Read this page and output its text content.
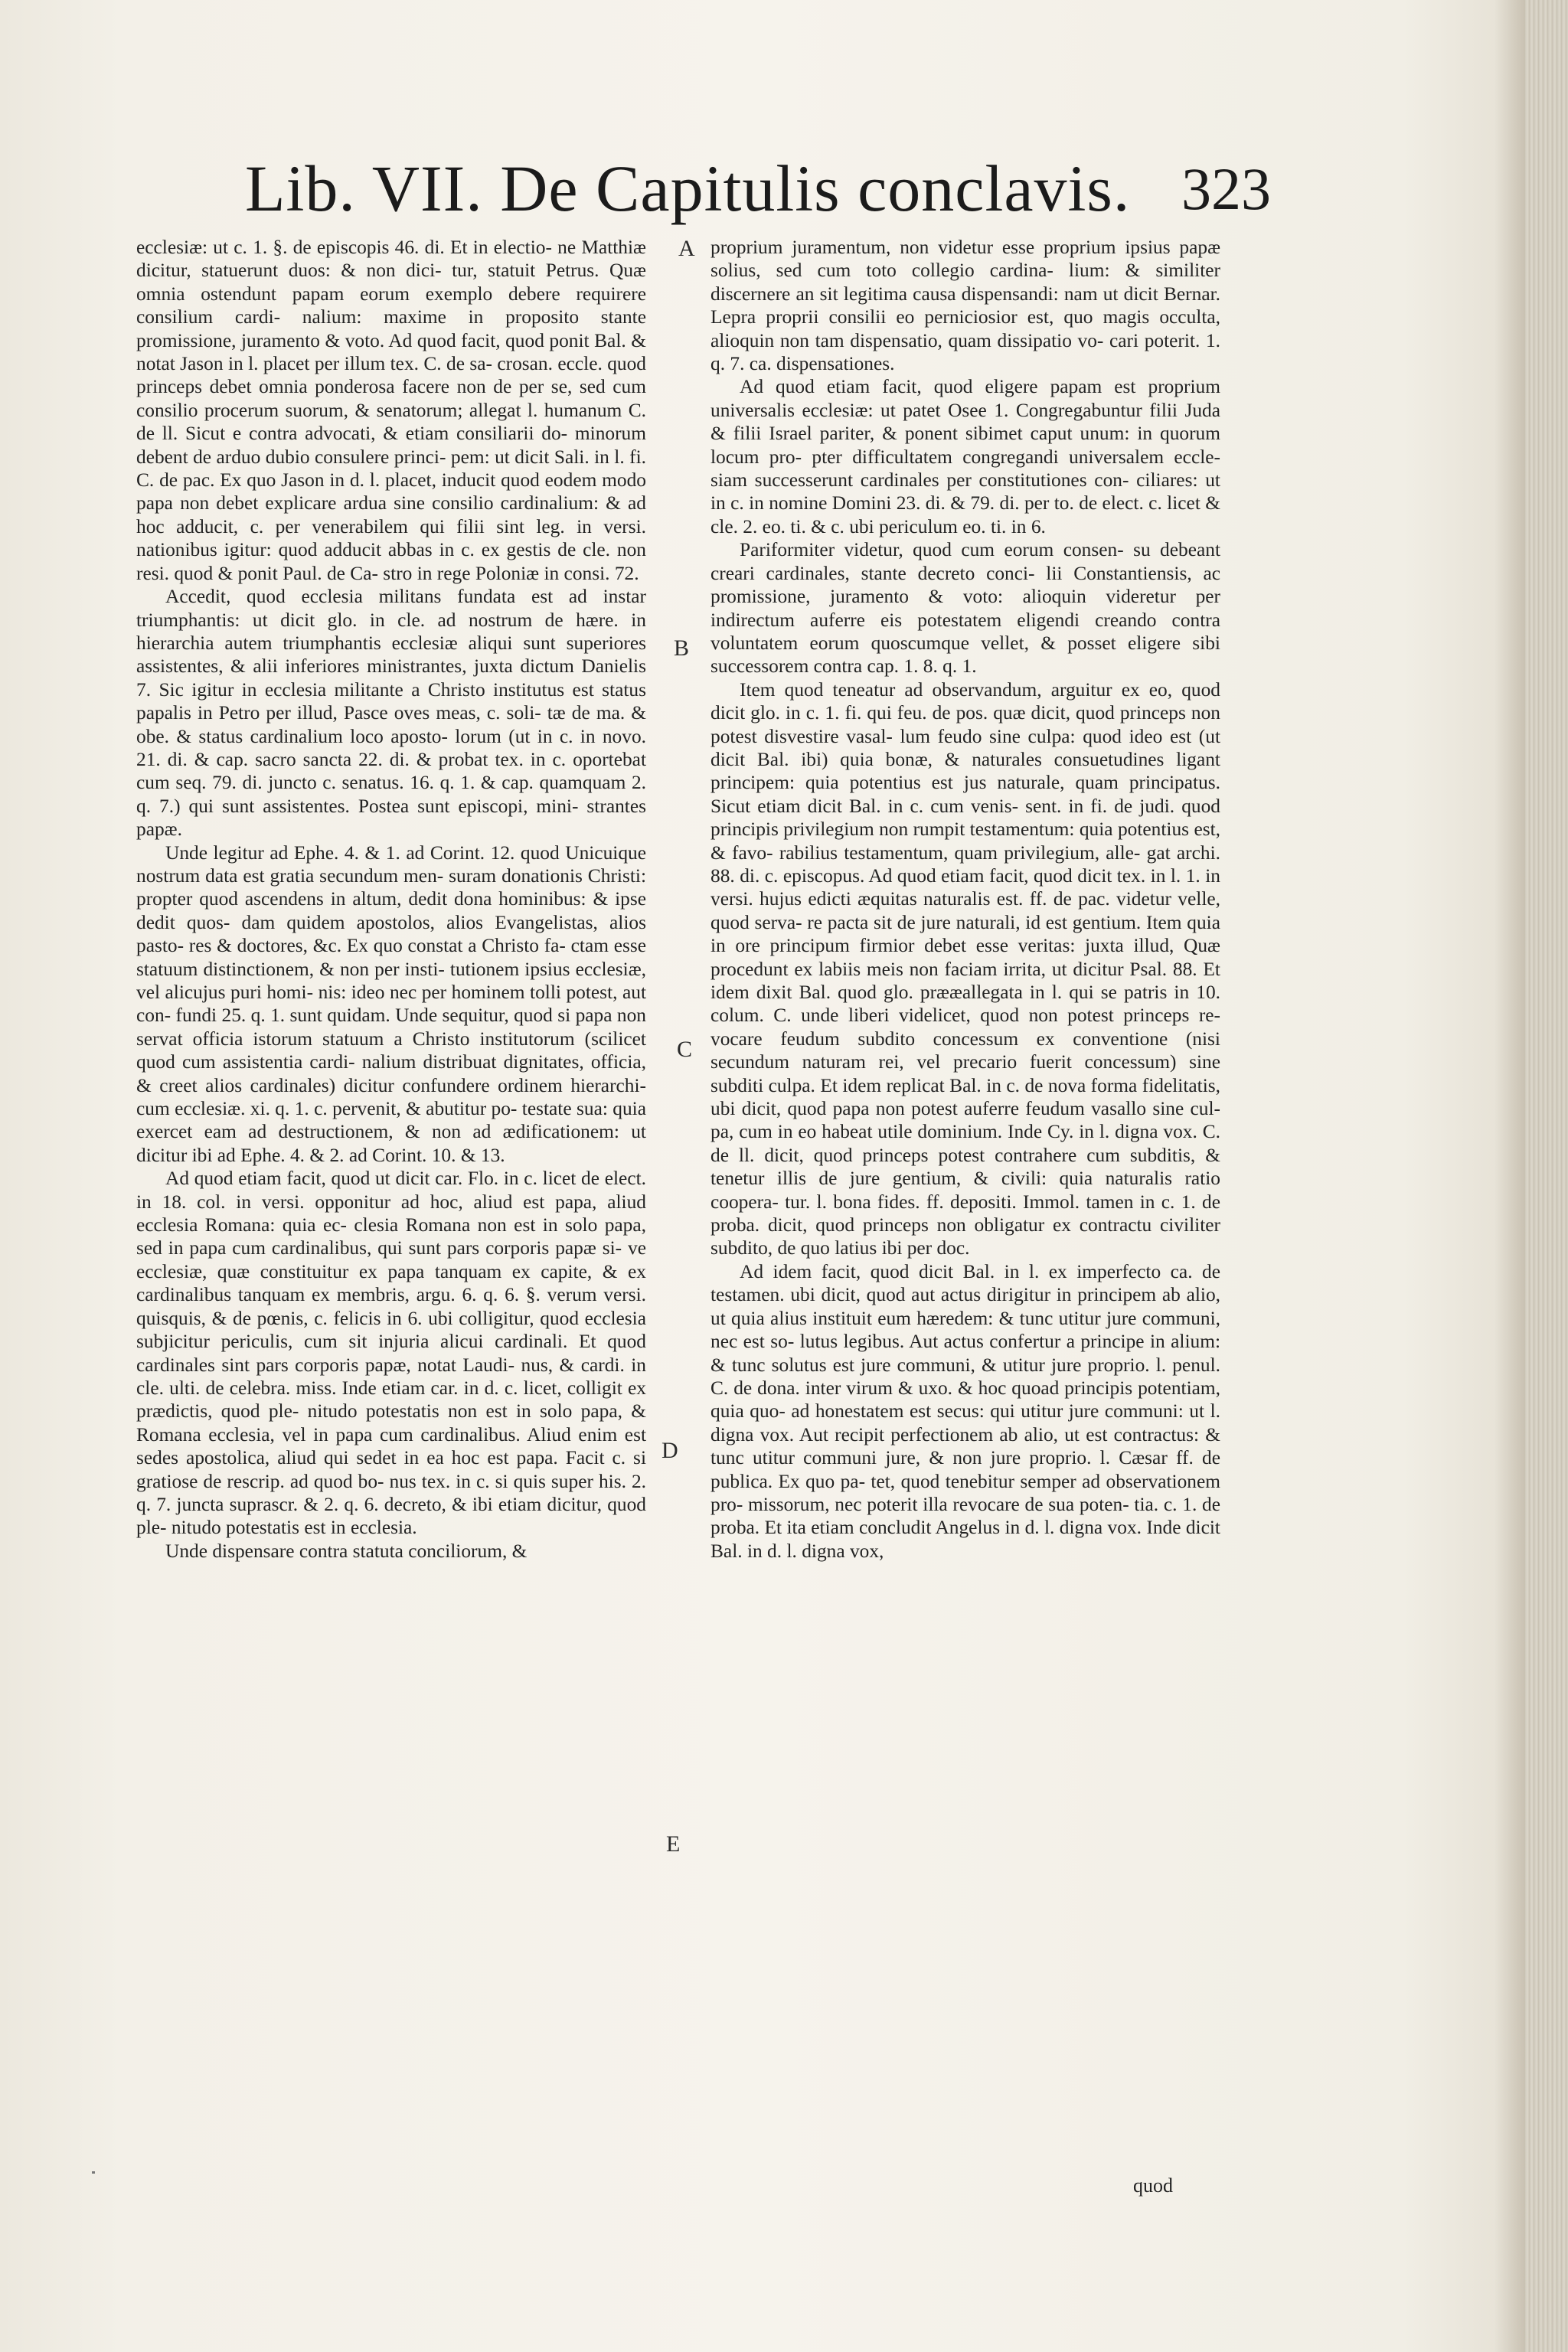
Lib. VII. De Capitulis conclavis. 323

ecclesiæ: ut c. 1. §. de episcopis 46. di. Et in electio- ne Matthiæ dicitur, statuerunt duos: & non dici- tur, statuit Petrus. Quæ omnia ostendunt papam eorum exemplo debere requirere consilium cardi- nalium: maxime in proposito stante promissione, juramento & voto. Ad quod facit, quod ponit Bal. & notat Jason in l. placet per illum tex. C. de sa- crosan. eccle. quod princeps debet omnia ponderosa facere non de per se, sed cum consilio procerum suorum, & senatorum; allegat l. humanum C. de ll. Sicut e contra advocati, & etiam consiliarii do- minorum debent de arduo dubio consulere princi- pem: ut dicit Sali. in l. fi. C. de pac. Ex quo Jason in d. l. placet, inducit quod eodem modo papa non debet explicare ardua sine consilio cardinalium: & ad hoc adducit, c. per venerabilem qui filii sint leg. in versi. nationibus igitur: quod adducit abbas in c. ex gestis de cle. non resi. quod & ponit Paul. de Ca- stro in rege Poloniæ in consi. 72.

Accedit, quod ecclesia militans fundata est ad instar triumphantis: ut dicit glo. in cle. ad nostrum de hære. in hierarchia autem triumphantis ecclesiæ aliqui sunt superiores assistentes, & alii inferiores ministrantes, juxta dictum Danielis 7. Sic igitur in ecclesia militante a Christo institutus est status papalis in Petro per illud, Pasce oves meas, c. soli- tæ de ma. & obe. & status cardinalium loco aposto- lorum (ut in c. in novo. 21. di. & cap. sacro sancta 22. di. & probat tex. in c. oportebat cum seq. 79. di. juncto c. senatus. 16. q. 1. & cap. quamquam 2. q. 7.) qui sunt assistentes. Postea sunt episcopi, mini- strantes papæ.

Unde legitur ad Ephe. 4. & 1. ad Corint. 12. quod Unicuique nostrum data est gratia secundum men- suram donationis Christi: propter quod ascendens in altum, dedit dona hominibus: & ipse dedit quos- dam quidem apostolos, alios Evangelistas, alios pasto- res & doctores, &c. Ex quo constat a Christo fa- ctam esse statuum distinctionem, & non per insti- tutionem ipsius ecclesiæ, vel alicujus puri homi- nis: ideo nec per hominem tolli potest, aut con- fundi 25. q. 1. sunt quidam. Unde sequitur, quod si papa non servat officia istorum statuum a Christo institutorum (scilicet quod cum assistentia cardi- nalium distribuat dignitates, officia, & creet alios cardinales) dicitur confundere ordinem hierarchi- cum ecclesiæ. xi. q. 1. c. pervenit, & abutitur po- testate sua: quia exercet eam ad destructionem, & non ad ædificationem: ut dicitur ibi ad Ephe. 4. & 2. ad Corint. 10. & 13.

Ad quod etiam facit, quod ut dicit car. Flo. in c. licet de elect. in 18. col. in versi. opponitur ad hoc, aliud est papa, aliud ecclesia Romana: quia ec- clesia Romana non est in solo papa, sed in papa cum cardinalibus, qui sunt pars corporis papæ si- ve ecclesiæ, quæ constituitur ex papa tanquam ex capite, & ex cardinalibus tanquam ex membris, argu. 6. q. 6. §. verum versi. quisquis, & de pœnis, c. felicis in 6. ubi colligitur, quod ecclesia subjicitur periculis, cum sit injuria alicui cardinali. Et quod cardinales sint pars corporis papæ, notat Laudi- nus, & cardi. in cle. ulti. de celebra. miss. Inde etiam car. in d. c. licet, colligit ex prædictis, quod ple- nitudo potestatis non est in solo papa, & Romana ecclesia, vel in papa cum cardinalibus. Aliud enim est sedes apostolica, aliud qui sedet in ea hoc est papa. Facit c. si gratiose de rescrip. ad quod bo- nus tex. in c. si quis super his. 2. q. 7. juncta suprascr. & 2. q. 6. decreto, & ibi etiam dicitur, quod ple- nitudo potestatis est in ecclesia.

Unde dispensare contra statuta conciliorum, &

A
B
C
D
E

proprium juramentum, non videtur esse proprium ipsius papæ solius, sed cum toto collegio cardina- lium: & similiter discernere an sit legitima causa dispensandi: nam ut dicit Bernar. Lepra proprii consilii eo perniciosior est, quo magis occulta, alioquin non tam dispensatio, quam dissipatio vo- cari poterit. 1. q. 7. ca. dispensationes.

Ad quod etiam facit, quod eligere papam est proprium universalis ecclesiæ: ut patet Osee 1. Congregabuntur filii Juda & filii Israel pariter, & ponent sibimet caput unum: in quorum locum pro- pter difficultatem congregandi universalem eccle- siam successerunt cardinales per constitutiones con- ciliares: ut in c. in nomine Domini 23. di. & 79. di. per to. de elect. c. licet & cle. 2. eo. ti. & c. ubi periculum eo. ti. in 6.

Pariformiter videtur, quod cum eorum consen- su debeant creari cardinales, stante decreto conci- lii Constantiensis, ac promissione, juramento & voto: alioquin videretur per indirectum auferre eis potestatem eligendi creando contra voluntatem eorum quoscumque vellet, & posset eligere sibi successorem contra cap. 1. 8. q. 1.

Item quod teneatur ad observandum, arguitur ex eo, quod dicit glo. in c. 1. fi. qui feu. de pos. quæ dicit, quod princeps non potest disvestire vasal- lum feudo sine culpa: quod ideo est (ut dicit Bal. ibi) quia bonæ, & naturales consuetudines ligant principem: quia potentius est jus naturale, quam principatus. Sicut etiam dicit Bal. in c. cum venis- sent. in fi. de judi. quod principis privilegium non rumpit testamentum: quia potentius est, & favo- rabilius testamentum, quam privilegium, alle- gat archi. 88. di. c. episcopus. Ad quod etiam facit, quod dicit tex. in l. 1. in versi. hujus edicti æquitas naturalis est. ff. de pac. videtur velle, quod serva- re pacta sit de jure naturali, id est gentium. Item quia in ore principum firmior debet esse veritas: juxta illud, Quæ procedunt ex labiis meis non faciam irrita, ut dicitur Psal. 88. Et idem dixit Bal. quod glo. prææallegata in l. qui se patris in 10. colum. C. unde liberi videlicet, quod non potest princeps re- vocare feudum subdito concessum ex conventione (nisi secundum naturam rei, vel precario fuerit concessum) sine subditi culpa. Et idem replicat Bal. in c. de nova forma fidelitatis, ubi dicit, quod papa non potest auferre feudum vasallo sine cul- pa, cum in eo habeat utile dominium. Inde Cy. in l. digna vox. C. de ll. dicit, quod princeps potest contrahere cum subditis, & tenetur illis de jure gentium, & civili: quia naturalis ratio coopera- tur. l. bona fides. ff. depositi. Immol. tamen in c. 1. de proba. dicit, quod princeps non obligatur ex contractu civiliter subdito, de quo latius ibi per doc.

Ad idem facit, quod dicit Bal. in l. ex imperfecto ca. de testamen. ubi dicit, quod aut actus dirigitur in principem ab alio, ut quia alius instituit eum hæredem: & tunc utitur jure communi, nec est so- lutus legibus. Aut actus confertur a principe in alium: & tunc solutus est jure communi, & utitur jure proprio. l. penul. C. de dona. inter virum & uxo. & hoc quoad principis potentiam, quia quo- ad honestatem est secus: qui utitur jure communi: ut l. digna vox. Aut recipit perfectionem ab alio, ut est contractus: & tunc utitur communi jure, & non jure proprio. l. Cæsar ff. de publica. Ex quo pa- tet, quod tenebitur semper ad observationem pro- missorum, nec poterit illa revocare de sua poten- tia. c. 1. de proba. Et ita etiam concludit Angelus in d. l. digna vox. Inde dicit Bal. in d. l. digna vox,

quod
